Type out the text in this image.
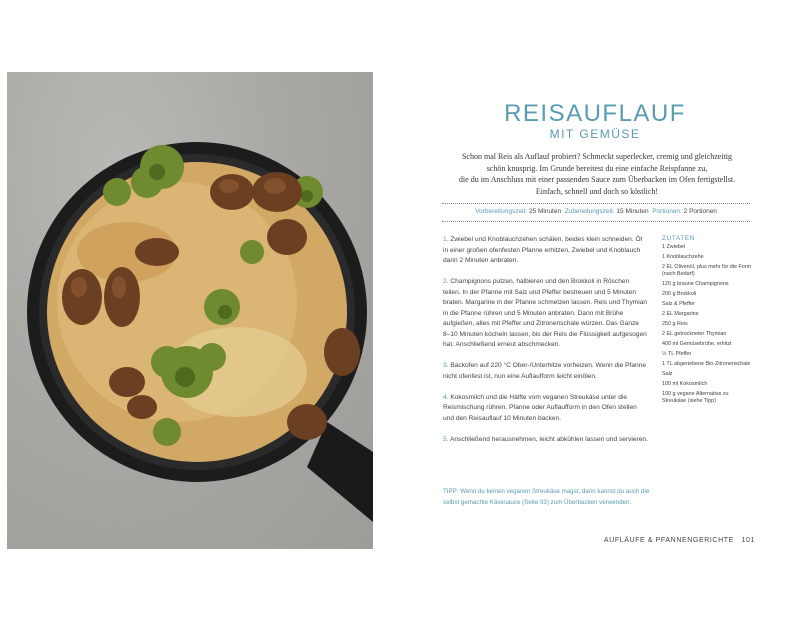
REISAUFLAUF
MIT GEMÜSE
Schon mal Reis als Auflauf probiert? Schmeckt superlecker, cremig und gleichzeitig
schön knusprig. Im Grunde bereitest du eine einfache Reispfanne zu,
die du im Anschluss mit einer passenden Sauce zum Überbacken im Ofen fertigstellst.
Einfach, schnell und doch so köstlich!
Vorbereitungszeit: 25 Minuten Zubereitungszeit: 15 Minuten Portionen: 2 Portionen
1. Zwiebel und Knoblauchzehen schälen, beides klein schneiden. Öl in einer großen ofenfesten Pfanne erhitzen, Zwiebel und Knoblauch darin 2 Minuten anbraten.
2. Champignons putzen, halbieren und den Brokkoli in Röschen teilen. In der Pfanne mit Salz und Pfeffer bestreuen und 5 Minuten braten. Margarine in der Pfanne schmelzen lassen. Reis und Thymian in die Pfanne rühren und 5 Minuten anbraten. Dann mit Brühe aufgießen, alles mit Pfeffer und Zitronenschale würzen. Das Ganze 8–10 Minuten köcheln lassen, bis der Reis die Flüssigkeit aufgesogen hat. Anschließend erneut abschmecken.
3. Backofen auf 220 °C Ober-/Unterhitze vorheizen. Wenn die Pfanne nicht ofenfest ist, nun eine Auflaufform leicht einölen.
4. Kokosmilch und die Hälfte vom veganen Streukäse unter die Reismischung rühren. Pfanne oder Auflaufform in den Ofen stellen und den Reisauflauf 10 Minuten backen.
5. Anschließend herausnehmen, leicht abkühlen lassen und servieren.
ZUTATEN
1 Zwiebel
1 Knoblauchzehe
2 EL Olivenöl, plus mehr für die Form (nach Bedarf)
120 g braune Champignons
200 g Brokkoli
Salz & Pfeffer
2 EL Margarine
250 g Reis
2 EL getrockneter Thymian
400 ml Gemüsebrühe, erhitzt
½ TL Pfeffer
1 TL abgeriebene Bio-Zitronenschale
Salz
100 ml Kokosmilch
100 g vegane Alternative zu Streukäse (siehe Tipp)
TIPP: Wenn du keinen veganen Streukäse magst, dann kannst du auch die selbst gemachte Käsesauce (Seite 93) zum Überbacken verwenden.
AUFLÄUFE & PFANNENGERICHTE 101
